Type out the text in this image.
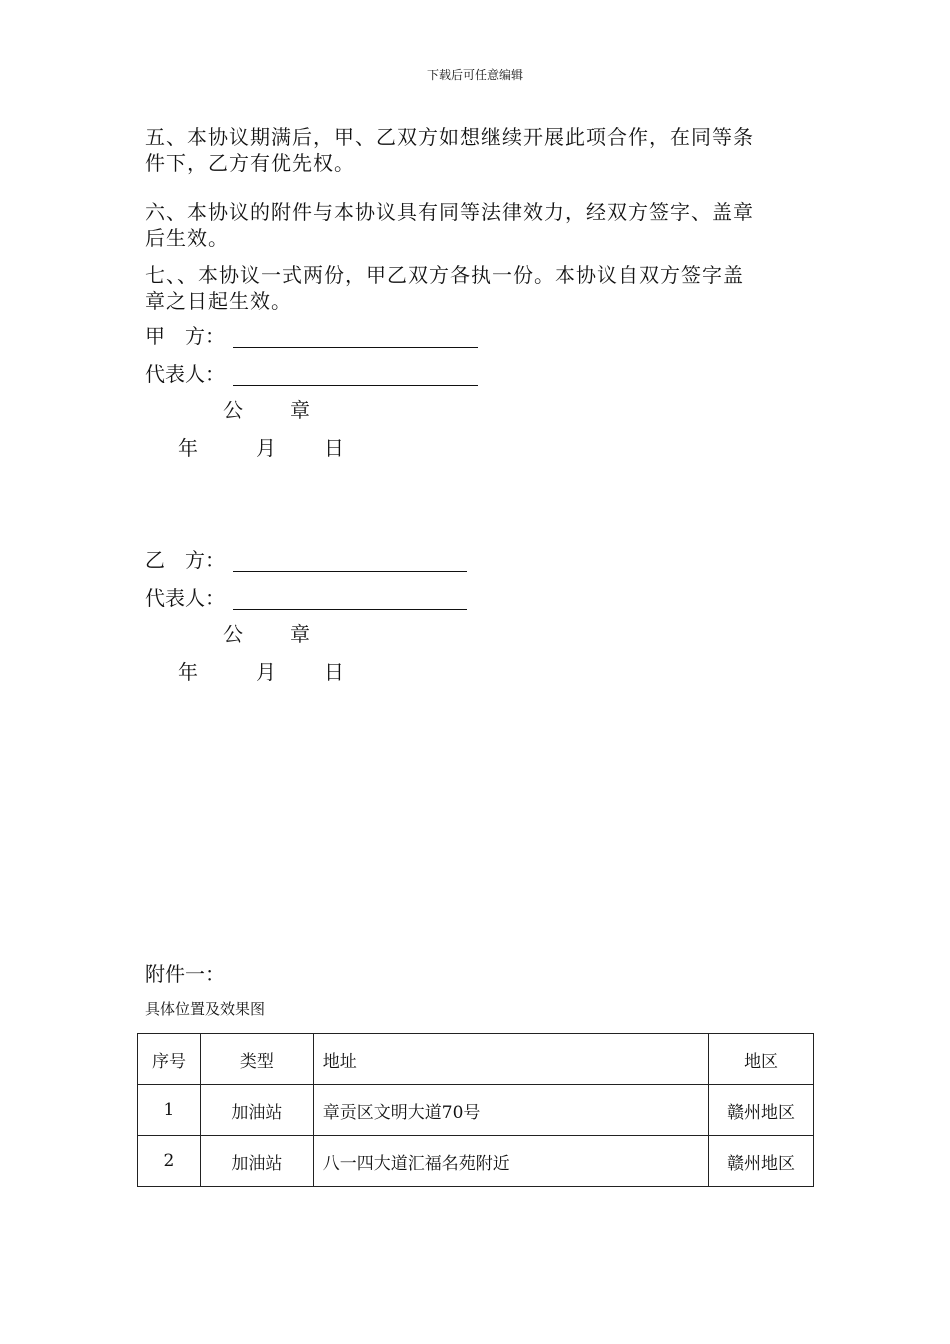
下载后可任意编辑

五、本协议期满后，甲、乙双方如想继续开展此项合作，在同等条
件下，乙方有优先权。

六、本协议的附件与本协议具有同等法律效力，经双方签字、盖章
后生效。

七、、本协议一式两份，甲乙双方各执一份。本协议自双方签字盖
章之日起生效。

甲　方：
代表人：
公 章
年	月 日
乙　方：
代表人：
公 章
年	月 日
附件一：
具体位置及效果图
序号	类型	地址	地区
1	加油站	章贡区文明大道70号	赣州地区
2	加油站	八一四大道汇福名苑附近	赣州地区
